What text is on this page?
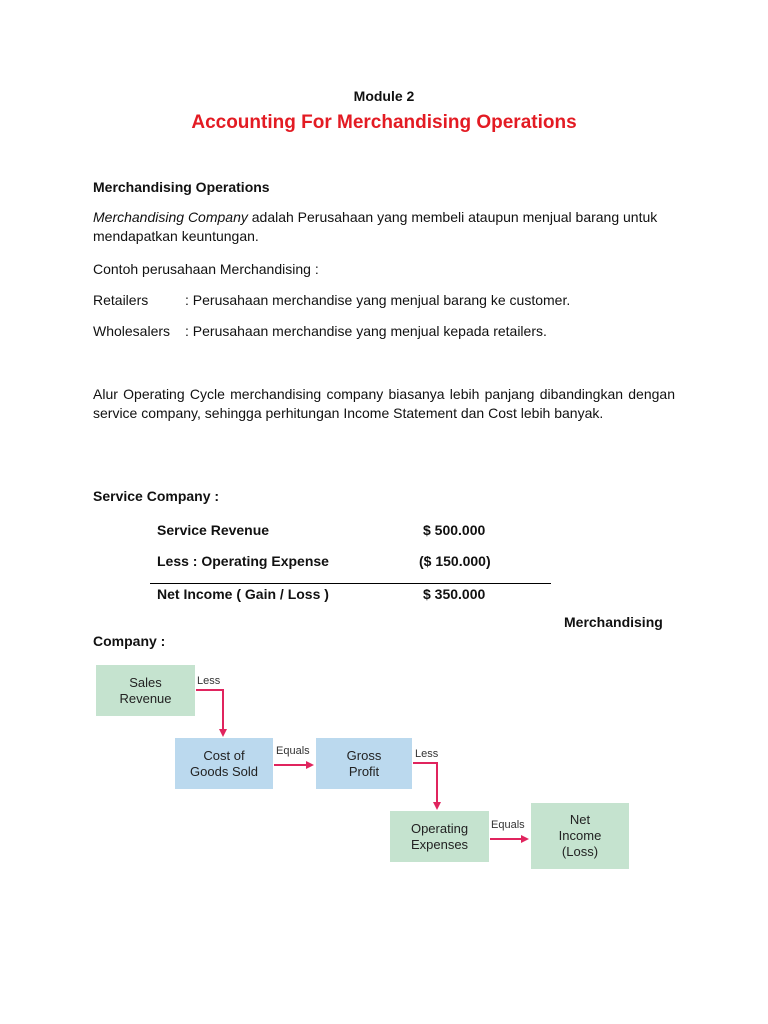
Module 2
Accounting For Merchandising Operations
Merchandising Operations
Merchandising Company adalah Perusahaan yang membeli ataupun menjual barang untuk mendapatkan keuntungan.
Contoh perusahaan Merchandising :
Retailers	: Perusahaan merchandise yang menjual barang ke customer.
Wholesalers : Perusahaan merchandise yang menjual kepada retailers.
Alur Operating Cycle merchandising company biasanya lebih panjang dibandingkan dengan service company, sehingga perhitungan Income Statement dan Cost lebih banyak.
Service Company :
Service Revenue	$ 500.000
Less : Operating Expense	($ 150.000)
Net Income ( Gain / Loss )	$ 350.000
Merchandising
Company :
Sales
Revenue
Cost of
Goods Sold
Gross
Profit
Operating
Expenses
Net
Income
(Loss)
Less
Equals	Less
Equals
